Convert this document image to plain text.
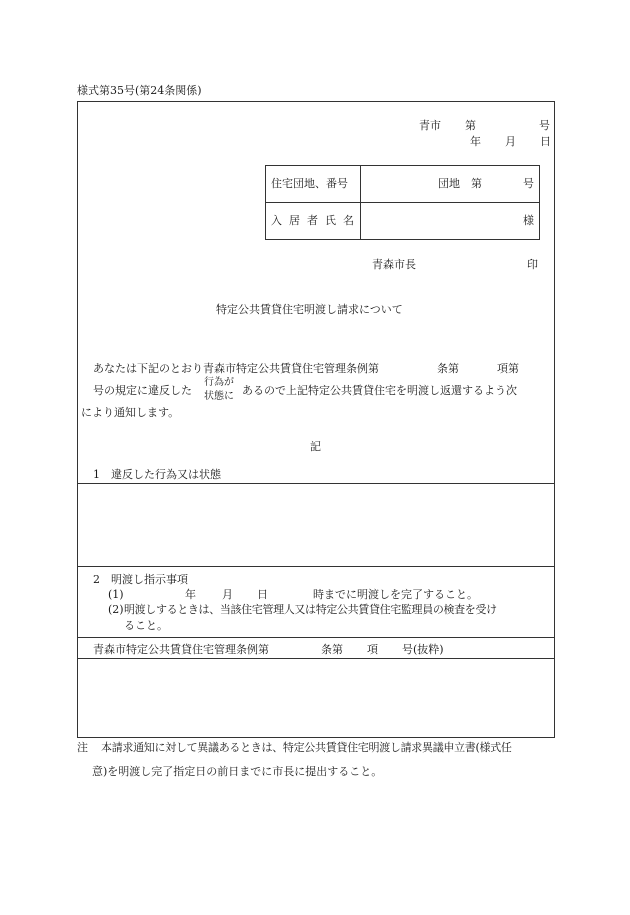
様式第35号(第24条関係)
青市 第	号
年 月 日
住宅団地、番号	団地 第	号
入居者氏名	様
青森市長	印
特定公共賃貸住宅明渡し請求について
あなたは下記のとおり青森市特定公共賃貸住宅管理条例第	条第	項第
号の規定に違反した
行為が
状態に あるので上記特定公共賃貸住宅を明渡し返還するよう次
により通知します。
記
1 違反した行為又は状態
2 明渡し指示事項
(1)	年 月 日	時までに明渡しを完了すること。
(2) 明渡しするときは、当該住宅管理人又は特定公共賃貸住宅監理員の検査を受け
ること。
青森市特定公共賃貸住宅管理条例第	条第 項 号(抜粋)
注 本請求通知に対して異議あるときは、特定公共賃貸住宅明渡し請求異議申立書(様式任
意)を明渡し完了指定日の前日までに市長に提出すること。
